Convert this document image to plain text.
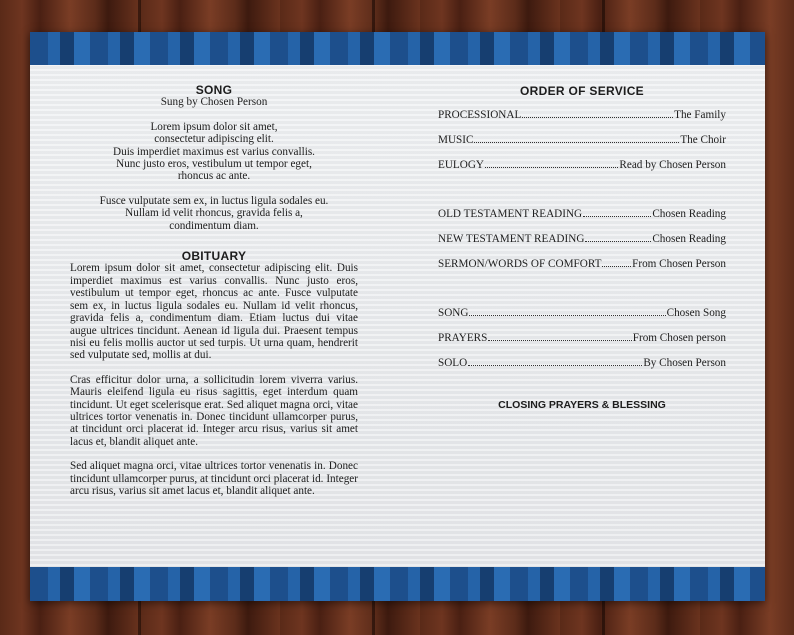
SONG
Sung by Chosen Person
Lorem ipsum dolor sit amet,
consectetur adipiscing elit.
Duis imperdiet maximus est varius convallis.
Nunc justo eros, vestibulum ut tempor eget,
rhoncus ac ante.
Fusce vulputate sem ex, in luctus ligula sodales eu.
Nullam id velit rhoncus, gravida felis a,
condimentum diam.
OBITUARY
Lorem ipsum dolor sit amet, consectetur adipiscing elit. Duis imperdiet maximus est varius convallis. Nunc justo eros, vestibulum ut tempor eget, rhoncus ac ante. Fusce vulputate sem ex, in luctus ligula sodales eu. Nullam id velit rhoncus, gravida felis a, condimentum diam. Etiam luctus dui vitae augue ultrices tincidunt. Aenean id ligula dui. Praesent tempus nisi eu felis mollis auctor ut sed turpis. Ut urna quam, hendrerit sed vulputate sed, mollis at dui.
Cras efficitur dolor urna, a sollicitudin lorem viverra varius. Mauris eleifend ligula eu risus sagittis, eget interdum quam tincidunt. Ut eget scelerisque erat. Sed aliquet magna orci, vitae ultrices tortor venenatis in. Donec tincidunt ullamcorper purus, at tincidunt orci placerat id. Integer arcu risus, varius sit amet lacus et, blandit aliquet ante.
Sed aliquet magna orci, vitae ultrices tortor venenatis in. Donec tincidunt ullamcorper purus, at tincidunt orci placerat id. Integer arcu risus, varius sit amet lacus et, blandit aliquet ante.
ORDER OF SERVICE
PROCESSIONAL	The Family
MUSIC	The Choir
EULOGY	Read by Chosen Person
OLD TESTAMENT READING	Chosen Reading
NEW TESTAMENT READING	Chosen Reading
SERMON/WORDS OF COMFORT	From Chosen Person
SONG	Chosen Song
PRAYERS	From Chosen person
SOLO	By Chosen Person
CLOSING PRAYERS & BLESSING
